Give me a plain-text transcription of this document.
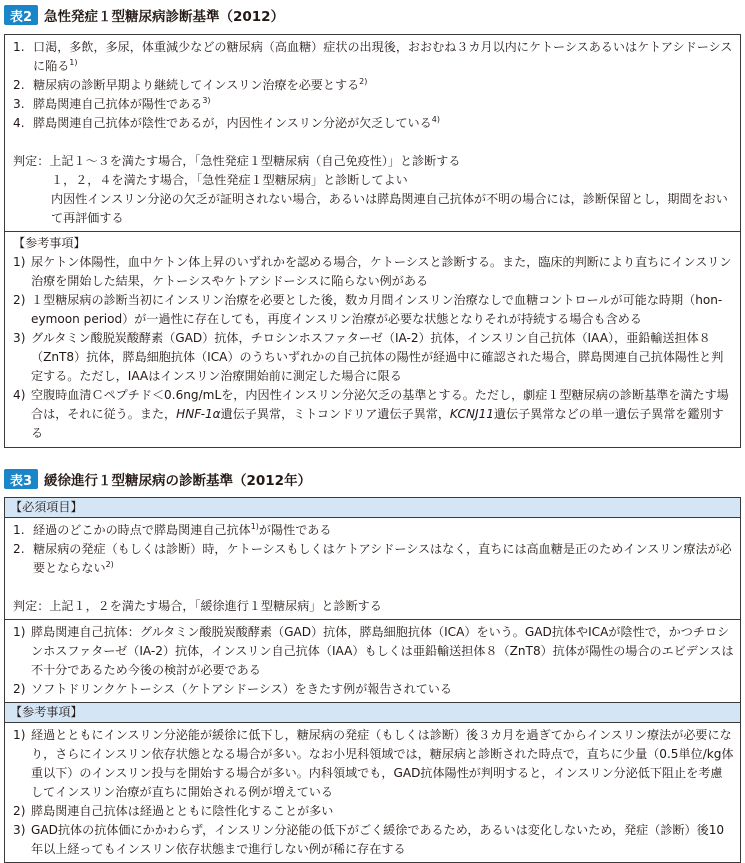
表2 急性発症１型糖尿病診断基準（2012）
1. 口渇，多飲，多尿，体重減少などの糖尿病（高血糖）症状の出現後，おおむね３カ月以内にケトーシスあるいはケトアシドーシスに陥る$^{1)}$
2. 糖尿病の診断早期より継続してインスリン治療を必要とする$^{2)}$
3. 膵島関連自己抗体が陽性である$^{3)}$
4. 膵島関連自己抗体が陰性であるが，内因性インスリン分泌が欠乏している$^{4)}$
判定：上記１〜３を満たす場合，「急性発症１型糖尿病（自己免疫性）」と診断する
１，２，４を満たす場合，「急性発症１型糖尿病」と診断してよい
内因性インスリン分泌の欠乏が証明されない場合，あるいは膵島関連自己抗体が不明の場合には，診断保留とし，期間をおいて再評価する
【参考事項】
1) 尿ケトン体陽性，血中ケトン体上昇のいずれかを認める場合，ケトーシスと診断する。また，臨床的判断により直ちにインスリン治療を開始した結果，ケトーシスやケトアシドーシスに陥らない例がある
2) １型糖尿病の診断当初にインスリン治療を必要とした後，数カ月間インスリン治療なしで血糖コントロールが可能な時期（hon-eymoon period）が一過性に存在しても，再度インスリン治療が必要な状態となりそれが持続する場合も含める
3) グルタミン酸脱炭酸酵素（GAD）抗体，チロシンホスファターゼ（IA-2）抗体，インスリン自己抗体（IAA），亜鉛輸送担体８（ZnT8）抗体，膵島細胞抗体（ICA）のうちいずれかの自己抗体の陽性が経過中に確認された場合，膵島関連自己抗体陽性と判定する。ただし，IAAはインスリン治療開始前に測定した場合に限る
4) 空腹時血清Ｃペプチド＜0.6ng/mLを，内因性インスリン分泌欠乏の基準とする。ただし，劇症１型糖尿病の診断基準を満たす場合は，それに従う。また，HNF-1α遺伝子異常，ミトコンドリア遺伝子異常，KCNJ11遺伝子異常などの単一遺伝子異常を鑑別する
表3 緩徐進行１型糖尿病の診断基準（2012年）
【必須項目】
1. 経過のどこかの時点で膵島関連自己抗体$^{1)}$が陽性である
2. 糖尿病の発症（もしくは診断）時，ケトーシスもしくはケトアシドーシスはなく，直ちには高血糖是正のためインスリン療法が必要とならない$^{2)}$
判定：上記１，２を満たす場合，「緩徐進行１型糖尿病」と診断する
1) 膵島関連自己抗体：グルタミン酸脱炭酸酵素（GAD）抗体，膵島細胞抗体（ICA）をいう。GAD抗体やICAが陰性で，かつチロシンホスファターゼ（IA-2）抗体，インスリン自己抗体（IAA）もしくは亜鉛輸送担体８（ZnT8）抗体が陽性の場合のエビデンスは不十分であるため今後の検討が必要である
2) ソフトドリンクケトーシス（ケトアシドーシス）をきたす例が報告されている
【参考事項】
1) 経過とともにインスリン分泌能が緩徐に低下し，糖尿病の発症（もしくは診断）後３カ月を過ぎてからインスリン療法が必要になり，さらにインスリン依存状態となる場合が多い。なお小児科領域では，糖尿病と診断された時点で，直ちに少量（0.5単位/kg体重以下）のインスリン投与を開始する場合が多い。内科領域でも，GAD抗体陽性が判明すると，インスリン分泌低下阻止を考慮してインスリン治療が直ちに開始される例が増えている
2) 膵島関連自己抗体は経過とともに陰性化することが多い
3) GAD抗体の抗体価にかかわらず，インスリン分泌能の低下がごく緩徐であるため，あるいは変化しないため，発症（診断）後10年以上経ってもインスリン依存状態まで進行しない例が稀に存在する
